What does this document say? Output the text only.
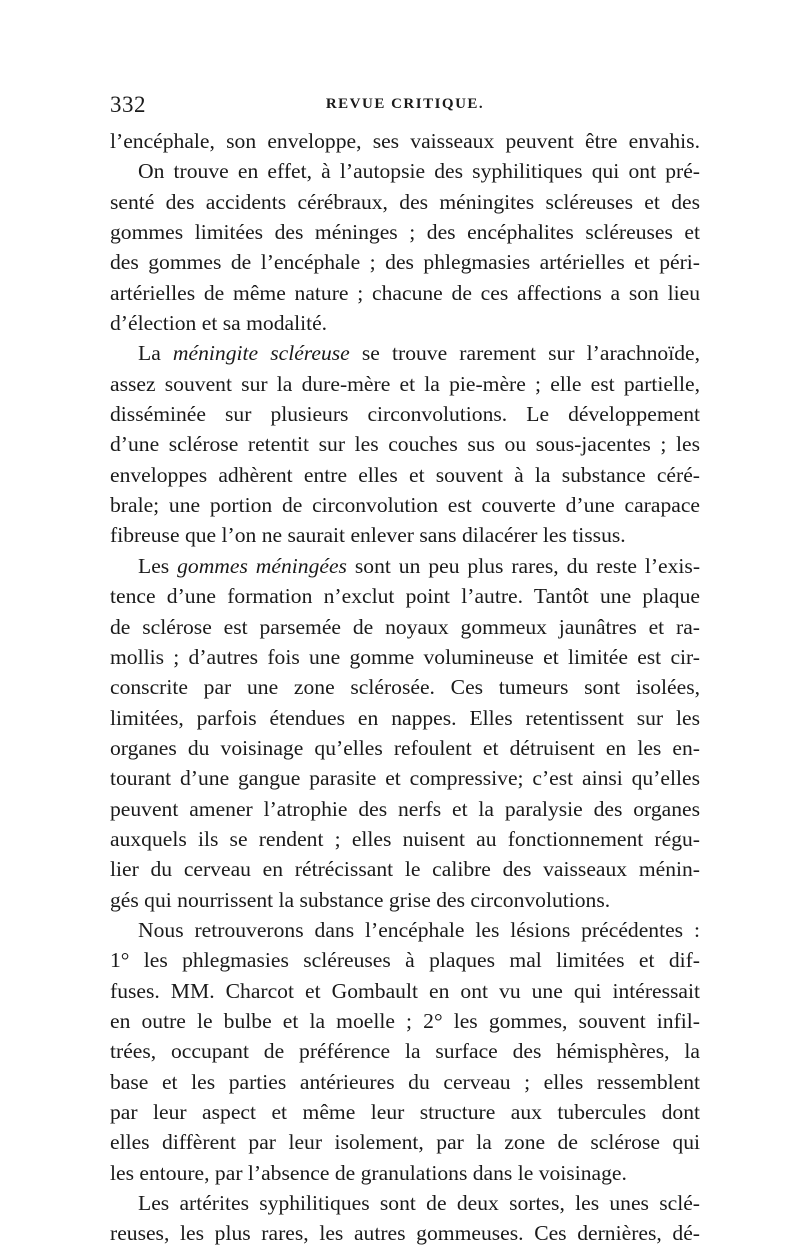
332	REVUE CRITIQUE.
l’encéphale, son enveloppe, ses vaisseaux peuvent être envahis.
On trouve en effet, à l’autopsie des syphilitiques qui ont pré-
senté des accidents cérébraux, des méningites scléreuses et des
gommes limitées des méninges ; des encéphalites scléreuses et
des gommes de l’encéphale ; des phlegmasies artérielles et péri-
artérielles de même nature ; chacune de ces affections a son lieu
d’élection et sa modalité.
La méningite scléreuse se trouve rarement sur l’arachnoïde,
assez souvent sur la dure-mère et la pie-mère ; elle est partielle,
disséminée sur plusieurs circonvolutions. Le développement
d’une sclérose retentit sur les couches sus ou sous-jacentes ; les
enveloppes adhèrent entre elles et souvent à la substance céré-
brale; une portion de circonvolution est couverte d’une carapace
fibreuse que l’on ne saurait enlever sans dilacérer les tissus.
Les gommes méningées sont un peu plus rares, du reste l’exis-
tence d’une formation n’exclut point l’autre. Tantôt une plaque
de sclérose est parsemée de noyaux gommeux jaunâtres et ra-
mollis ; d’autres fois une gomme volumineuse et limitée est cir-
conscrite par une zone sclérosée. Ces tumeurs sont isolées,
limitées, parfois étendues en nappes. Elles retentissent sur les
organes du voisinage qu’elles refoulent et détruisent en les en-
tourant d’une gangue parasite et compressive; c’est ainsi qu’elles
peuvent amener l’atrophie des nerfs et la paralysie des organes
auxquels ils se rendent ; elles nuisent au fonctionnement régu-
lier du cerveau en rétrécissant le calibre des vaisseaux ménin-
gés qui nourrissent la substance grise des circonvolutions.
Nous retrouverons dans l’encéphale les lésions précédentes :
1° les phlegmasies scléreuses à plaques mal limitées et dif-
fuses. MM. Charcot et Gombault en ont vu une qui intéressait
en outre le bulbe et la moelle ; 2° les gommes, souvent infil-
trées, occupant de préférence la surface des hémisphères, la
base et les parties antérieures du cerveau ; elles ressemblent
par leur aspect et même leur structure aux tubercules dont
elles diffèrent par leur isolement, par la zone de sclérose qui
les entoure, par l’absence de granulations dans le voisinage.
Les artérites syphilitiques sont de deux sortes, les unes sclé-
reuses, les plus rares, les autres gommeuses. Ces dernières, dé-
